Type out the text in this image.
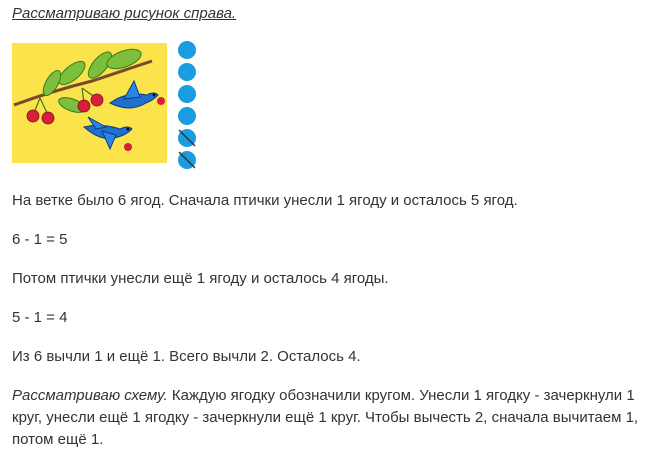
Рассматриваю рисунок справа.

На ветке было 6 ягод. Сначала птички унесли 1 ягоду и осталось 5 ягод.

6 - 1 = 5

Потом птички унесли ещё 1 ягоду и осталось 4 ягоды.

5 - 1 = 4

Из 6 вычли 1 и ещё 1. Всего вычли 2. Осталось 4.

Рассматриваю схему. Каждую ягодку обозначили кругом. Унесли 1 ягодку - зачеркнули 1 круг, унесли ещё 1 ягодку - зачеркнули ещё 1 круг. Чтобы вычесть 2, сначала вычитаем 1, потом ещё 1.
